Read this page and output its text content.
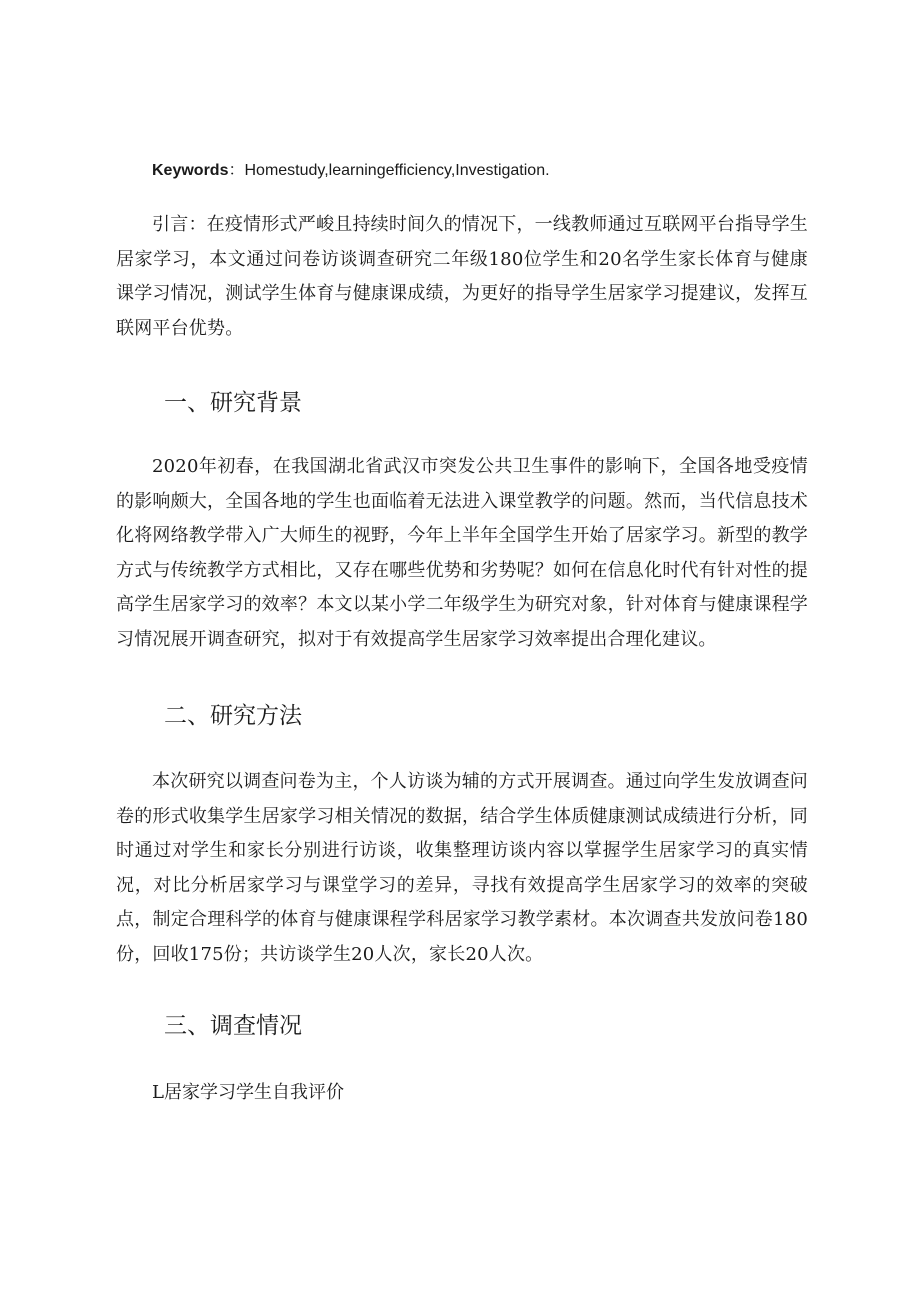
Keywords：Homestudy,learningefficiency,Investigation.

引言：在疫情形式严峻且持续时间久的情况下，一线教师通过互联网平台指导学生居家学习，本文通过问卷访谈调查研究二年级180位学生和20名学生家长体育与健康课学习情况，测试学生体育与健康课成绩，为更好的指导学生居家学习提建议，发挥互联网平台优势。

一、研究背景

2020年初春，在我国湖北省武汉市突发公共卫生事件的影响下，全国各地受疫情的影响颇大，全国各地的学生也面临着无法进入课堂教学的问题。然而，当代信息技术化将网络教学带入广大师生的视野，今年上半年全国学生开始了居家学习。新型的教学方式与传统教学方式相比，又存在哪些优势和劣势呢？如何在信息化时代有针对性的提高学生居家学习的效率？本文以某小学二年级学生为研究对象，针对体育与健康课程学习情况展开调查研究，拟对于有效提高学生居家学习效率提出合理化建议。

二、研究方法

本次研究以调查问卷为主，个人访谈为辅的方式开展调查。通过向学生发放调查问卷的形式收集学生居家学习相关情况的数据，结合学生体质健康测试成绩进行分析，同时通过对学生和家长分别进行访谈，收集整理访谈内容以掌握学生居家学习的真实情况，对比分析居家学习与课堂学习的差异，寻找有效提高学生居家学习的效率的突破点，制定合理科学的体育与健康课程学科居家学习教学素材。本次调查共发放问卷180份，回收175份；共访谈学生20人次，家长20人次。

三、调查情况

L居家学习学生自我评价
